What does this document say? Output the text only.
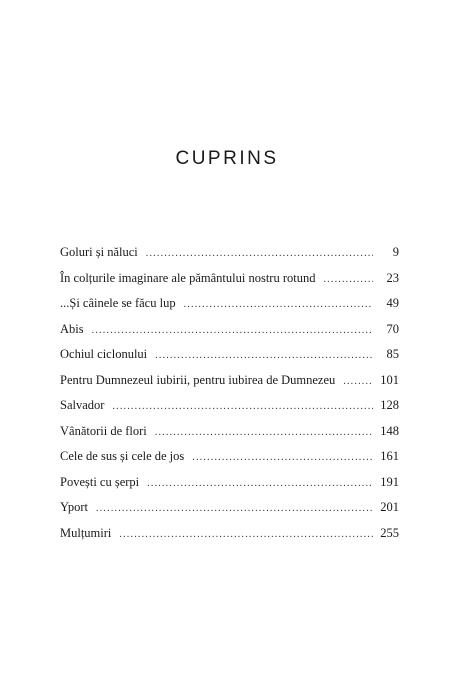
CUPRINS
Goluri și năluci .....	9
În colțurile imaginare ale pământului nostru rotund .....	23
...Și câinele se făcu lup .....	49
Abis .....	70
Ochiul ciclonului .....	85
Pentru Dumnezeul iubirii, pentru iubirea de Dumnezeu .....	101
Salvador .....	128
Vânătorii de flori .....	148
Cele de sus și cele de jos .....	161
Povești cu șerpi .....	191
Yport .....	201
Mulțumiri .....	255
